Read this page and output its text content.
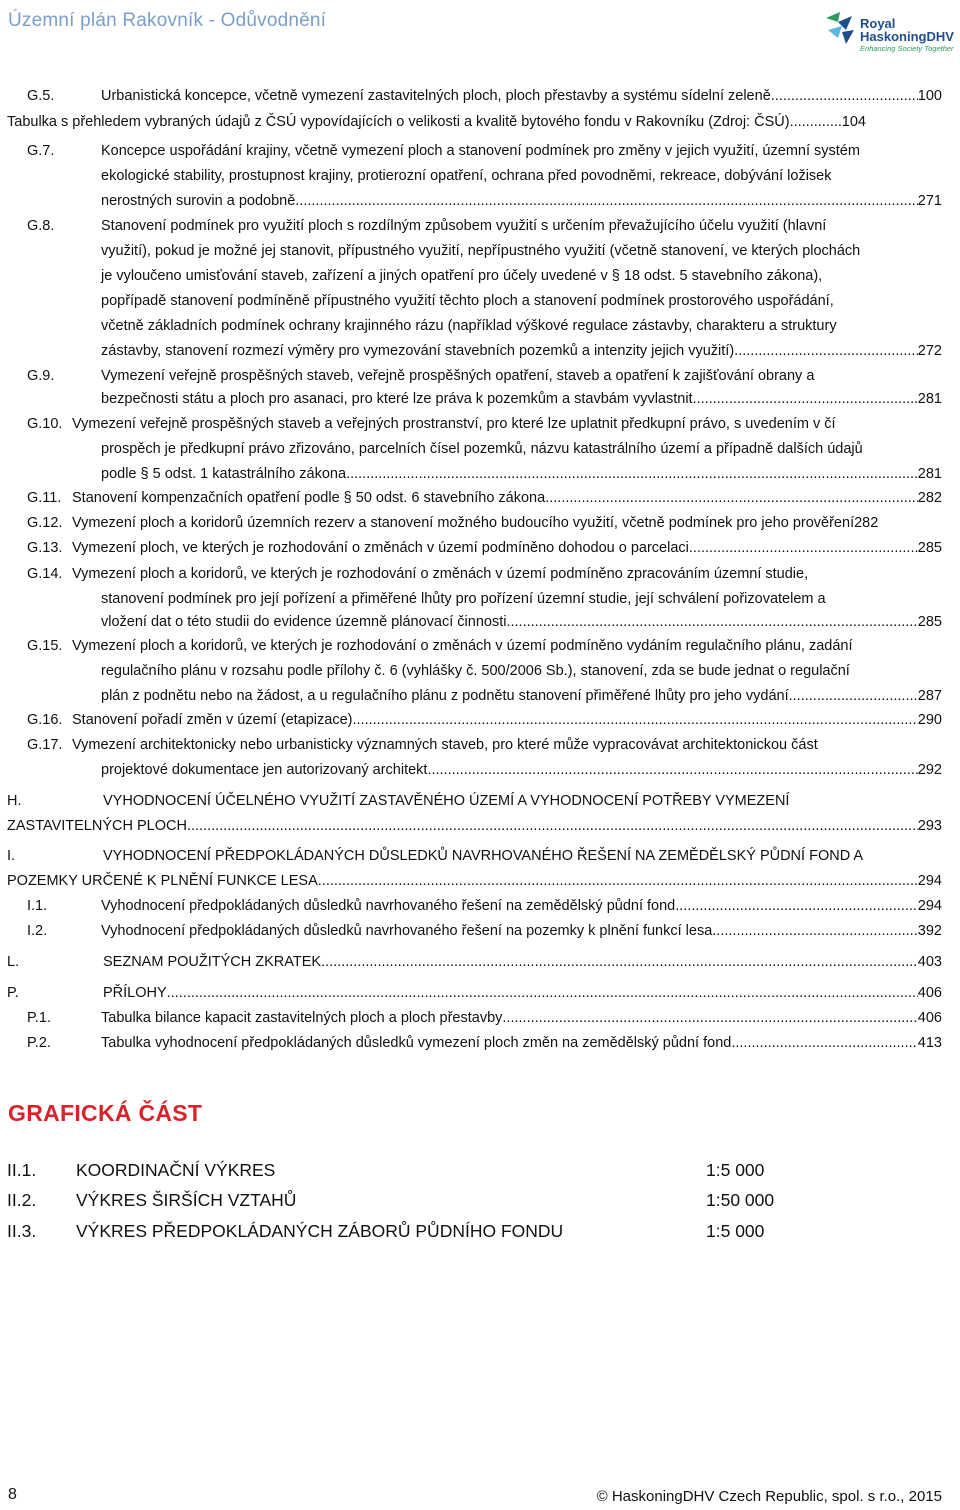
Územní plán Rakovník - Odůvodnění	Royal
HaskoningDHV
Enhancing Society Together
G.5.	Urbanistická koncepce, včetně vymezení zastavitelných ploch, ploch přestavby a systému sídelní zeleně .....	100
Tabulka s přehledem vybraných údajů z ČSÚ vypovídajících o velikosti a kvalitě bytového fondu v Rakovníku (Zdroj: ČSÚ) .....	104
G.7.	Koncepce uspořádání krajiny, včetně vymezení ploch a stanovení podmínek pro změny v jejich využití, územní systém
ekologické stability, prostupnost krajiny, protierozní opatření, ochrana před povodněmi, rekreace, dobývání ložisek
nerostných surovin a podobně .....	271
G.8.	Stanovení podmínek pro využití ploch s rozdílným způsobem využití s určením převažujícího účelu využití (hlavní
využití), pokud je možné jej stanovit, přípustného využití, nepřípustného využití (včetně stanovení, ve kterých plochách
je vyloučeno umisťování staveb, zařízení a jiných opatření pro účely uvedené v § 18 odst. 5 stavebního zákona),
popřípadě stanovení podmíněně přípustného využití těchto ploch a stanovení podmínek prostorového uspořádání,
včetně základních podmínek ochrany krajinného rázu (například výškové regulace zástavby, charakteru a struktury
zástavby, stanovení rozmezí výměry pro vymezování stavebních pozemků a intenzity jejich využití) .....	272
G.9.	Vymezení veřejně prospěšných staveb, veřejně prospěšných opatření, staveb a opatření k zajišťování obrany a
bezpečnosti státu a ploch pro asanaci, pro které lze práva k pozemkům a stavbám vyvlastnit .....	281
G.10. Vymezení veřejně prospěšných staveb a veřejných prostranství, pro které lze uplatnit předkupní právo, s uvedením v čí
prospěch je předkupní právo zřizováno, parcelních čísel pozemků, názvu katastrálního území a případně dalších údajů
podle § 5 odst. 1 katastrálního zákona .....	281
G.11. Stanovení kompenzačních opatření podle § 50 odst. 6 stavebního zákona .....	282
G.12. Vymezení ploch a koridorů územních rezerv a stanovení možného budoucího využití, včetně podmínek pro jeho prověření 282
G.13. Vymezení ploch, ve kterých je rozhodování o změnách v území podmíněno dohodou o parcelaci .....	285
G.14. Vymezení ploch a koridorů, ve kterých je rozhodování o změnách v území podmíněno zpracováním územní studie,
stanovení podmínek pro její pořízení a přiměřené lhůty pro pořízení územní studie, její schválení pořizovatelem a
vložení dat o této studii do evidence územně plánovací činnosti .....	285
G.15. Vymezení ploch a koridorů, ve kterých je rozhodování o změnách v území podmíněno vydáním regulačního plánu, zadání
regulačního plánu v rozsahu podle přílohy č. 6 (vyhlášky č. 500/2006 Sb.), stanovení, zda se bude jednat o regulační
plán z podnětu nebo na žádost, a u regulačního plánu z podnětu stanovení přiměřené lhůty pro jeho vydání .....	287
G.16. Stanovení pořadí změn v území (etapizace) .....	290
G.17. Vymezení architektonicky nebo urbanisticky významných staveb, pro které může vypracovávat architektonickou část
projektové dokumentace jen autorizovaný architekt .....	292
H.	VYHODNOCENÍ ÚČELNÉHO VYUŽITÍ ZASTAVĚNÉHO ÚZEMÍ A VYHODNOCENÍ POTŘEBY VYMEZENÍ
ZASTAVITELNÝCH PLOCH .....	293
I.	VYHODNOCENÍ PŘEDPOKLÁDANÝCH DŮSLEDKŮ NAVRHOVANÉHO ŘEŠENÍ NA ZEMĚDĚLSKÝ PŮDNÍ FOND A
POZEMKY URČENÉ K PLNĚNÍ FUNKCE LESA .....	294
I.1.	Vyhodnocení předpokládaných důsledků navrhovaného řešení na zemědělský půdní fond .....	294
I.2.	Vyhodnocení předpokládaných důsledků navrhovaného řešení na pozemky k plnění funkcí lesa .....	392
L.	SEZNAM POUŽITÝCH ZKRATEK .....	403
P.	PŘÍLOHY .....	406
P.1.	Tabulka bilance kapacit zastavitelných ploch a ploch přestavby .....	406
P.2.	Tabulka vyhodnocení předpokládaných důsledků vymezení ploch změn na zemědělský půdní fond .....	413
GRAFICKÁ ČÁST
II.1. KOORDINAČNÍ VÝKRES	1:5 000
II.2. VÝKRES ŠIRŠÍCH VZTAHŮ	1:50 000
II.3. VÝKRES PŘEDPOKLÁDANÝCH ZÁBORŮ PŮDNÍHO FONDU	1:5 000
8	© HaskoningDHV Czech Republic, spol. s r.o., 2015
